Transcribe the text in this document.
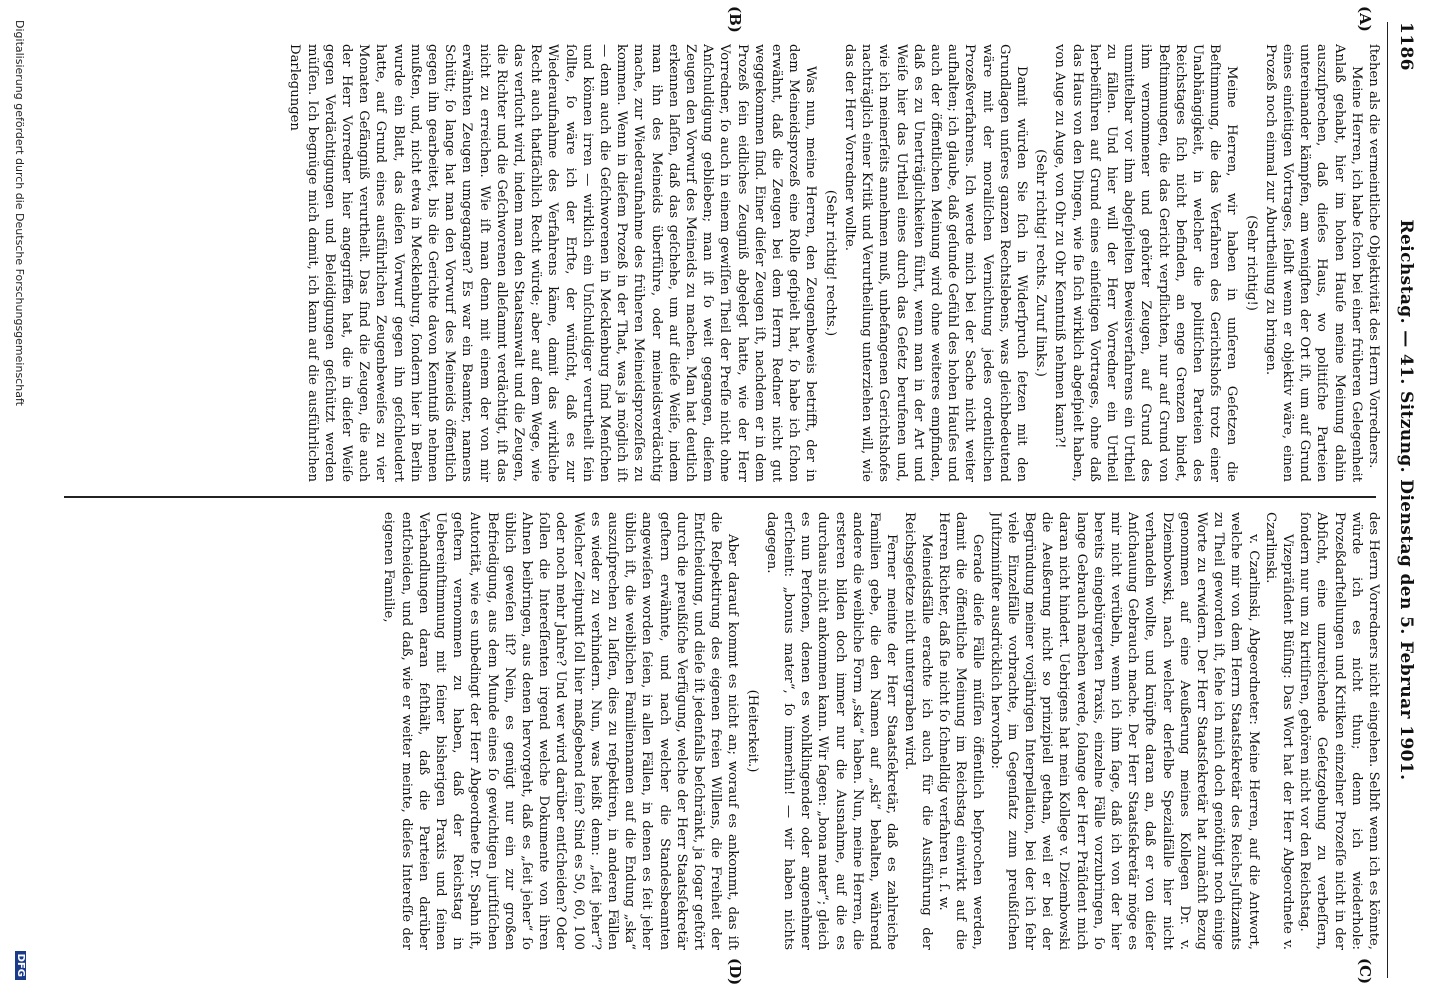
1186
Reichstag. — 41. Sitzung. Dienstag den 5. Februar 1901.
(A)
(B)
(C)
(D)

ſtehen als die vermeintliche Objektivität des Herrn Vorredners.

Meine Herren, ich habe ſchon bei einer früheren Gelegenheit Anlaß gehabt, hier im hohen Hauſe meine Meinung dahin auszuſprechen, daß dieſes Haus, wo politiſche Parteien untereinander kämpfen, am wenigſten der Ort iſt, um auf Grund eines einſeitigen Vortrages, ſelbſt wenn er objektiv wäre, einen Prozeß noch einmal zur Aburtheilung zu bringen.

(Sehr richtig!)

Meine Herren, wir haben in unſeren Geſetzen die Beſtimmung, die das Verfahren des Gerichtshofs trotz einer Unabhängigkeit, in welcher die politiſchen Parteien des Reichstages ſich nicht befinden, an enge Grenzen bindet, Beſtimmungen, die das Gericht verpflichten, nur auf Grund von ihm vernommener und gehörter Zeugen, auf Grund des unmittelbar vor ihm abgeſpielten Beweisverfahrens ein Urtheil zu fällen. Und hier will der Herr Vorredner ein Urtheil herbeiführen auf Grund eines einſeitigen Vortrages, ohne daß das Haus von den Dingen, wie ſie ſich wirklich abgeſpielt haben, von Auge zu Auge, von Ohr zu Ohr Kenntniß nehmen kann?!

(Sehr richtig! rechts. Zuruf links.)

Damit würden Sie ſich in Widerſpruch ſetzen mit den Grundlagen unſeres ganzen Rechtslebens, was gleichbedeutend wäre mit der moraliſchen Vernichtung jedes ordentlichen Prozeßverfahrens. Ich werde mich bei der Sache nicht weiter aufhalten; ich glaube, daß geſunde Gefühl des hohen Hauſes und auch der öffentlichen Meinung wird ohne weiteres empfinden, daß es zu Unerträglichkeiten führt, wenn man in der Art und Weiſe hier das Urtheil eines durch das Geſetz berufenen und, wie ich meinerſeits annehmen muß, unbefangenen Gerichtshofes nachträglich einer Kritik und Verurtheilung unterziehen will, wie das der Herr Vorredner wollte.

(Sehr richtig! rechts.)

Was nun, meine Herren, den Zeugenbeweis betrifft, der in dem Meineidsprozeß eine Rolle geſpielt hat, ſo habe ich ſchon erwähnt, daß die Zeugen bei dem Herrn Redner nicht gut weggekommen ſind. Einer dieſer Zeugen iſt, nachdem er in dem Prozeß ſein eidliches Zeugniß abgelegt hatte, wie der Herr Vorredner, ſo auch in einem gewiſſen Theil der Preſſe nicht ohne Anſchuldigung geblieben; man iſt ſo weit gegangen, dieſem Zeugen den Vorwurf des Meineids zu machen. Man hat deutlich erkennen laſſen, daß das geſchehe, um auf dieſe Weiſe, indem man ihn des Meineids überführe, oder meineidsverdächtig mache, zur Wiederaufnahme des früheren Meineidsprozeſſes zu kommen. Wenn in dieſem Prozeß in der That, was ja möglich iſt — denn auch die Geſchworenen in Mecklenburg ſind Menſchen und können irren — wirklich ein Unſchuldiger verurtheilt ſein ſollte, ſo wäre ich der Erſte, der wünſcht, daß es zur Wiederaufnahme des Verfahrens käme, damit das wirkliche Recht auch thatſächlich Recht würde; aber auf dem Wege, wie das verſucht wird, indem man den Staatsanwalt und die Zeugen, die Richter und die Geſchworenen alleſammt verdächtigt, iſt das nicht zu erreichen. Wie iſt man denn mit einem der von mir erwähnten Zeugen umgegangen? Es war ein Beamter, namens Schütt; ſo lange hat man den Vorwurf des Meineids öffentlich gegen ihn gearbeitet, bis die Gerichte davon Kenntniß nehmen mußten, und, nicht etwa in Mecklenburg, ſondern hier in Berlin wurde ein Blatt, das dieſen Vorwurf gegen ihn geſchleudert hatte, auf Grund eines ausführlichen Zeugenbeweiſes zu vier Monaten Gefängniß verurtheilt. Das ſind die Zeugen, die auch der Herr Vorredner hier angegriffen hat, die in dieſer Weiſe gegen Verdächtigungen und Beleidigungen geſchützt werden müſſen. Ich begnüge mich damit, ich kann auf die ausführlichen Darlegungen

des Herrn Vorredners nicht eingehen. Selbſt wenn ich es könnte, würde ich es nicht thun; denn ich wiederhole: Prozeßdarſtellungen und Kritiken einzelner Prozeſſe nicht in der Abſicht, eine unzureichende Geſetzgebung zu verbeſſern, ſondern nur um zu kritiſiren, gehören nicht vor den Reichstag.

Vizepräſident Büſing: Das Wort hat der Herr Abgeordnete v. Czarlinski.

v. Czarlinski, Abgeordneter: Meine Herren, auf die Antwort, welche mir von dem Herrn Staatsſekretär des Reichs-Juſtizamts zu Theil geworden iſt, ſehe ich mich doch genöthigt noch einige Worte zu erwidern. Der Herr Staatsſekretär hat zunächſt Bezug genommen auf eine Aeußerung meines Kollegen Dr. v. Dziembowski, nach welcher derſelbe Spezialfälle hier nicht verhandeln wollte, und knüpfte daran an, daß er von dieſer Anſchauung Gebrauch mache. Der Herr Staatsſekretär möge es mir nicht verübeln, wenn ich ihm ſage, daß ich von der hier bereits eingebürgerten Praxis, einzelne Fälle vorzubringen, ſo lange Gebrauch machen werde, ſolange der Herr Präſident mich daran nicht hindert. Uebrigens hat mein Kollege v. Dziembowski die Aeußerung nicht so prinzipiell gethan, weil er bei der Begründung meiner vorjährigen Interpellation, bei der ich ſehr viele Einzelfälle vorbrachte, im Gegenſatz zum preußiſchen Juſtizminiſter ausdrücklich hervorhob:

Gerade dieſe Fälle müſſen öffentlich beſprochen werden, damit die öffentliche Meinung im Reichstag einwirkt auf die Herren Richter, daß ſie nicht ſo ſchnelldig verfahren u. ſ. w.

Meineidsfälle erachte ich auch für die Ausführung der Reichsgeſetze nicht untergraben wird.

Ferner meinte der Herr Staatsſekretär, daß es zahlreiche Familien gebe, die den Namen auf „ski“ behalten, während andere die weibliche Form „ska“ haben. Nun, meine Herren, die ersteren bilden doch immer nur die Ausnahme, auf die es durchaus nicht ankommen kann. Wir ſagen: „bona mater“; gleich es nun Perſonen, denen es wohlklingender oder angenehmer erſcheint: „bonus mater“, ſo immerhin! — wir haben nichts dagegen.

(Heiterkeit.)

Aber darauf kommt es nicht an; worauf es ankommt, das iſt die Reſpektirung des eigenen freien Willens, die Freiheit der Entſcheidung, und dieſe iſt jedenfalls beſchränkt, ja ſogar geſtört durch die preußiſche Verfügung, welche der Herr Staatsſekretär geſtern erwähnte, und nach welcher die Standesbeamten angewieſen worden ſeien, in allen Fällen, in denen es ſeit jeher üblich iſt, die weiblichen Familiennamen auf die Endung „ska“ auszuſprechen zu laſſen, dies zu reſpektiren, in anderen Fällen es wieder zu verhindern. Nun, was heißt denn: „ſeit jeher“? Welcher Zeitpunkt ſoll hier maßgebend ſein? Sind es 50, 60, 100 oder noch mehr Jahre? Und wer wird darüber entſcheiden? Oder ſollen die Intereſſenten irgend welche Dokumente von ihren Ahnen beibringen, aus denen hervorgeht, daß es „ſeit jeher“ ſo üblich geweſen iſt? Nein, es genügt nur ein zur großen Befriedigung, aus dem Munde eines ſo gewichtigen juriſtiſchen Autorität, wie es unbedingt der Herr Abgeordnete Dr. Spahn iſt, geſtern vernommen zu haben, daß der Reichstag in Uebereinſtimmung mit ſeiner bisherigen Praxis und ſeinen Verhandlungen daran feſthält, daß die Parteien darüber entſcheiden, und daß, wie er weiter meinte, dieſes Intereſſe der eigenen Familie,

Digitalisierung gefördert durch die Deutsche Forschungsgemeinschaft
DFG
